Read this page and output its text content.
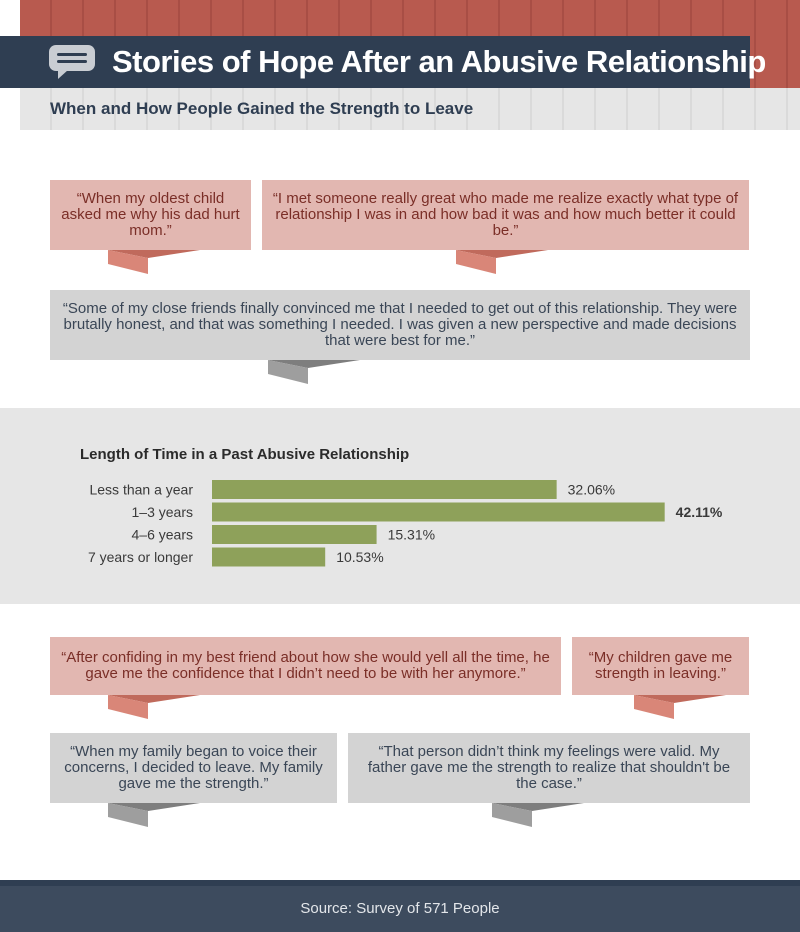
Stories of Hope After an Abusive Relationship
When and How People Gained the Strength to Leave
“When my oldest child asked me why his dad hurt mom.”
“I met someone really great who made me realize exactly what type of relationship I was in and how bad it was and how much better it could be.”
“Some of my close friends finally convinced me that I needed to get out of this relationship. They were brutally honest, and that was something I needed. I was given a new perspective and made decisions that were best for me.”
Length of Time in a Past Abusive Relationship
Less than a year	32.06%
1–3 years	42.11%
4–6 years	15.31%
7 years or longer	10.53%
“After confiding in my best friend about how she would yell all the time, he gave me the confidence that I didn’t need to be with her anymore.”
“My children gave me strength in leaving.”
“When my family began to voice their concerns, I decided to leave. My family gave me the strength.”
“That person didn’t think my feelings were valid. My father gave me the strength to realize that shouldn't be the case.”
Source: Survey of 571 People
